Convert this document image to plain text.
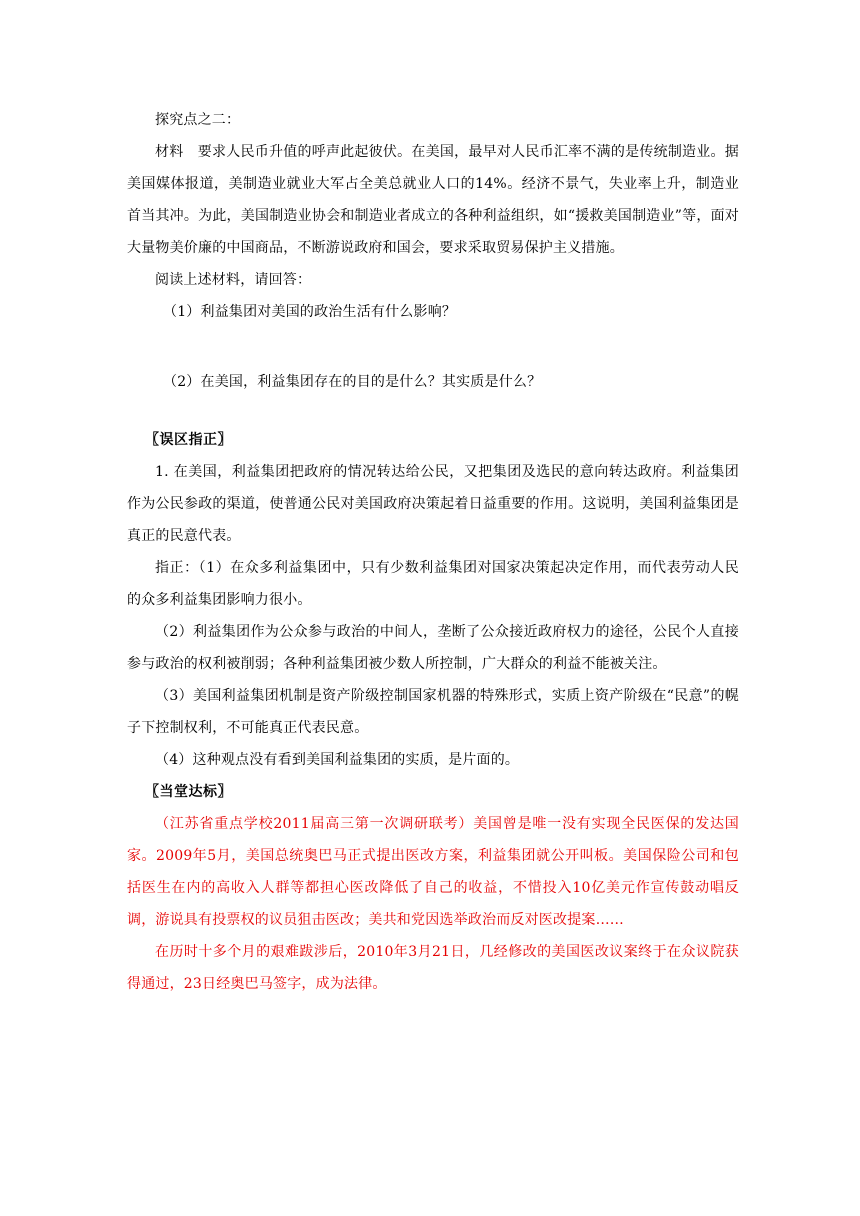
探究点之二：

材料　要求人民币升值的呼声此起彼伏。在美国，最早对人民币汇率不满的是传统制造业。据美国媒体报道，美制造业就业大军占全美总就业人口的14%。经济不景气，失业率上升，制造业首当其冲。为此，美国制造业协会和制造业者成立的各种利益组织，如“援救美国制造业”等，面对大量物美价廉的中国商品，不断游说政府和国会，要求采取贸易保护主义措施。

阅读上述材料，请回答：

（1）利益集团对美国的政治生活有什么影响？

（2）在美国，利益集团存在的目的是什么？其实质是什么？

〖误区指正〗

1. 在美国，利益集团把政府的情况转达给公民，又把集团及选民的意向转达政府。利益集团作为公民参政的渠道，使普通公民对美国政府决策起着日益重要的作用。这说明，美国利益集团是真正的民意代表。

指正：（1）在众多利益集团中，只有少数利益集团对国家决策起决定作用，而代表劳动人民的众多利益集团影响力很小。

（2）利益集团作为公众参与政治的中间人，垄断了公众接近政府权力的途径，公民个人直接参与政治的权利被削弱；各种利益集团被少数人所控制，广大群众的利益不能被关注。

（3）美国利益集团机制是资产阶级控制国家机器的特殊形式，实质上资产阶级在“民意”的幌子下控制权利，不可能真正代表民意。

（4）这种观点没有看到美国利益集团的实质，是片面的。

〖当堂达标〗

（江苏省重点学校2011届高三第一次调研联考）美国曾是唯一没有实现全民医保的发达国家。2009年5月，美国总统奥巴马正式提出医改方案，利益集团就公开叫板。美国保险公司和包括医生在内的高收入人群等都担心医改降低了自己的收益，不惜投入10亿美元作宣传鼓动唱反调，游说具有投票权的议员狙击医改；美共和党因选举政治而反对医改提案……

在历时十多个月的艰难跋涉后，2010年3月21日，几经修改的美国医改议案终于在众议院获得通过，23日经奥巴马签字，成为法律。
